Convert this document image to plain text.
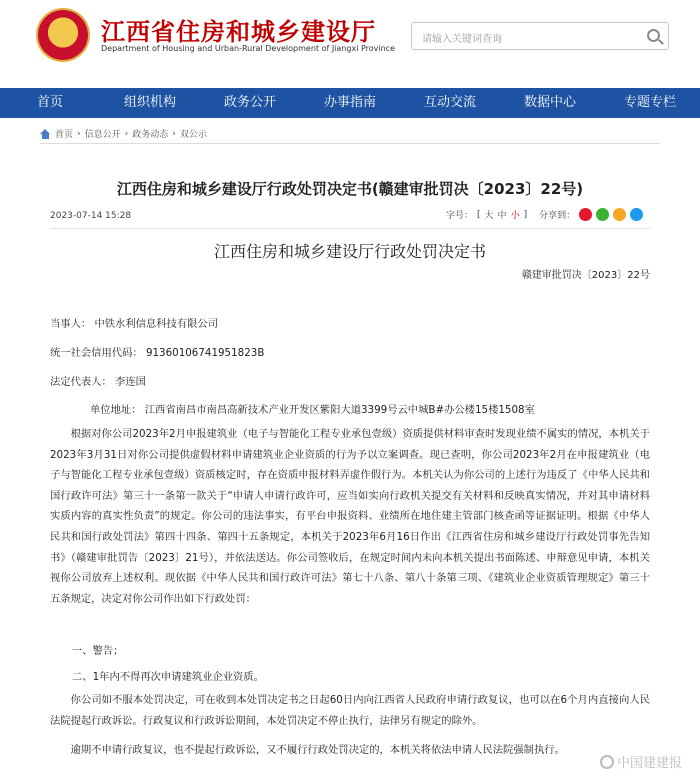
江西省住房和城乡建设厅
Department of Housing and Urban-Rural Development of Jiangxi Province
请输入关键词查询
首页	组织机构	政务公开	办事指南	互动交流	数据中心	专题专栏
首页 › 信息公开 › 政务动态 › 双公示
江西住房和城乡建设厅行政处罚决定书(赣建审批罚决〔2023〕22号)
2023-07-14 15:28	字号： [ 大 中 小 ] 分享到：
江西住房和城乡建设厅行政处罚决定书
赣建审批罚决〔2023〕22号
当事人： 中铁水利信息科技有限公司
统一社会信用代码： 91360106741951823В
法定代表人： 李连国
单位地址： 江西省南昌市南昌高新技术产业开发区紫阳大道3399号云中城B#办公楼15楼1508室
根据对你公司2023年2月申报建筑业（电子与智能化工程专业承包壹级）资质提供材料审查时发现业绩不属实的情况，本机关于2023年3月31日对你公司提供虚假材料申请建筑业企业资质的行为予以立案调查。现已查明，你公司2023年2月在申报建筑业（电子与智能化工程专业承包壹级）资质核定时，存在资质申报材料弄虚作假行为。本机关认为你公司的上述行为违反了《中华人民共和国行政许可法》第三十一条第一款关于“申请人申请行政许可，应当如实向行政机关提交有关材料和反映真实情况，并对其申请材料实质内容的真实性负责”的规定。你公司的违法事实，有平台申报资料、业绩所在地住建主管部门核查函等证据证明。根据《中华人民共和国行政处罚法》第四十四条、第四十五条规定，本机关于2023年6月16日作出《江西省住房和城乡建设厅行政处罚事先告知书》（赣建审批罚告〔2023〕21号），并依法送达。你公司签收后，在规定时间内未向本机关提出书面陈述、申辩意见申请，本机关视你公司放弃上述权利。现依据《中华人民共和国行政许可法》第七十八条、第八十条第三项、《建筑业企业资质管理规定》第三十五条规定，决定对你公司作出如下行政处罚：
一、警告；
二、1年内不得再次申请建筑业企业资质。
你公司如不服本处罚决定，可在收到本处罚决定书之日起60日内向江西省人民政府申请行政复议，也可以在6个月内直接向人民法院提起行政诉讼。行政复议和行政诉讼期间，本处罚决定不停止执行，法律另有规定的除外。
逾期不申请行政复议，也不提起行政诉讼，又不履行行政处罚决定的，本机关将依法申请人民法院强制执行。
中国建建报
